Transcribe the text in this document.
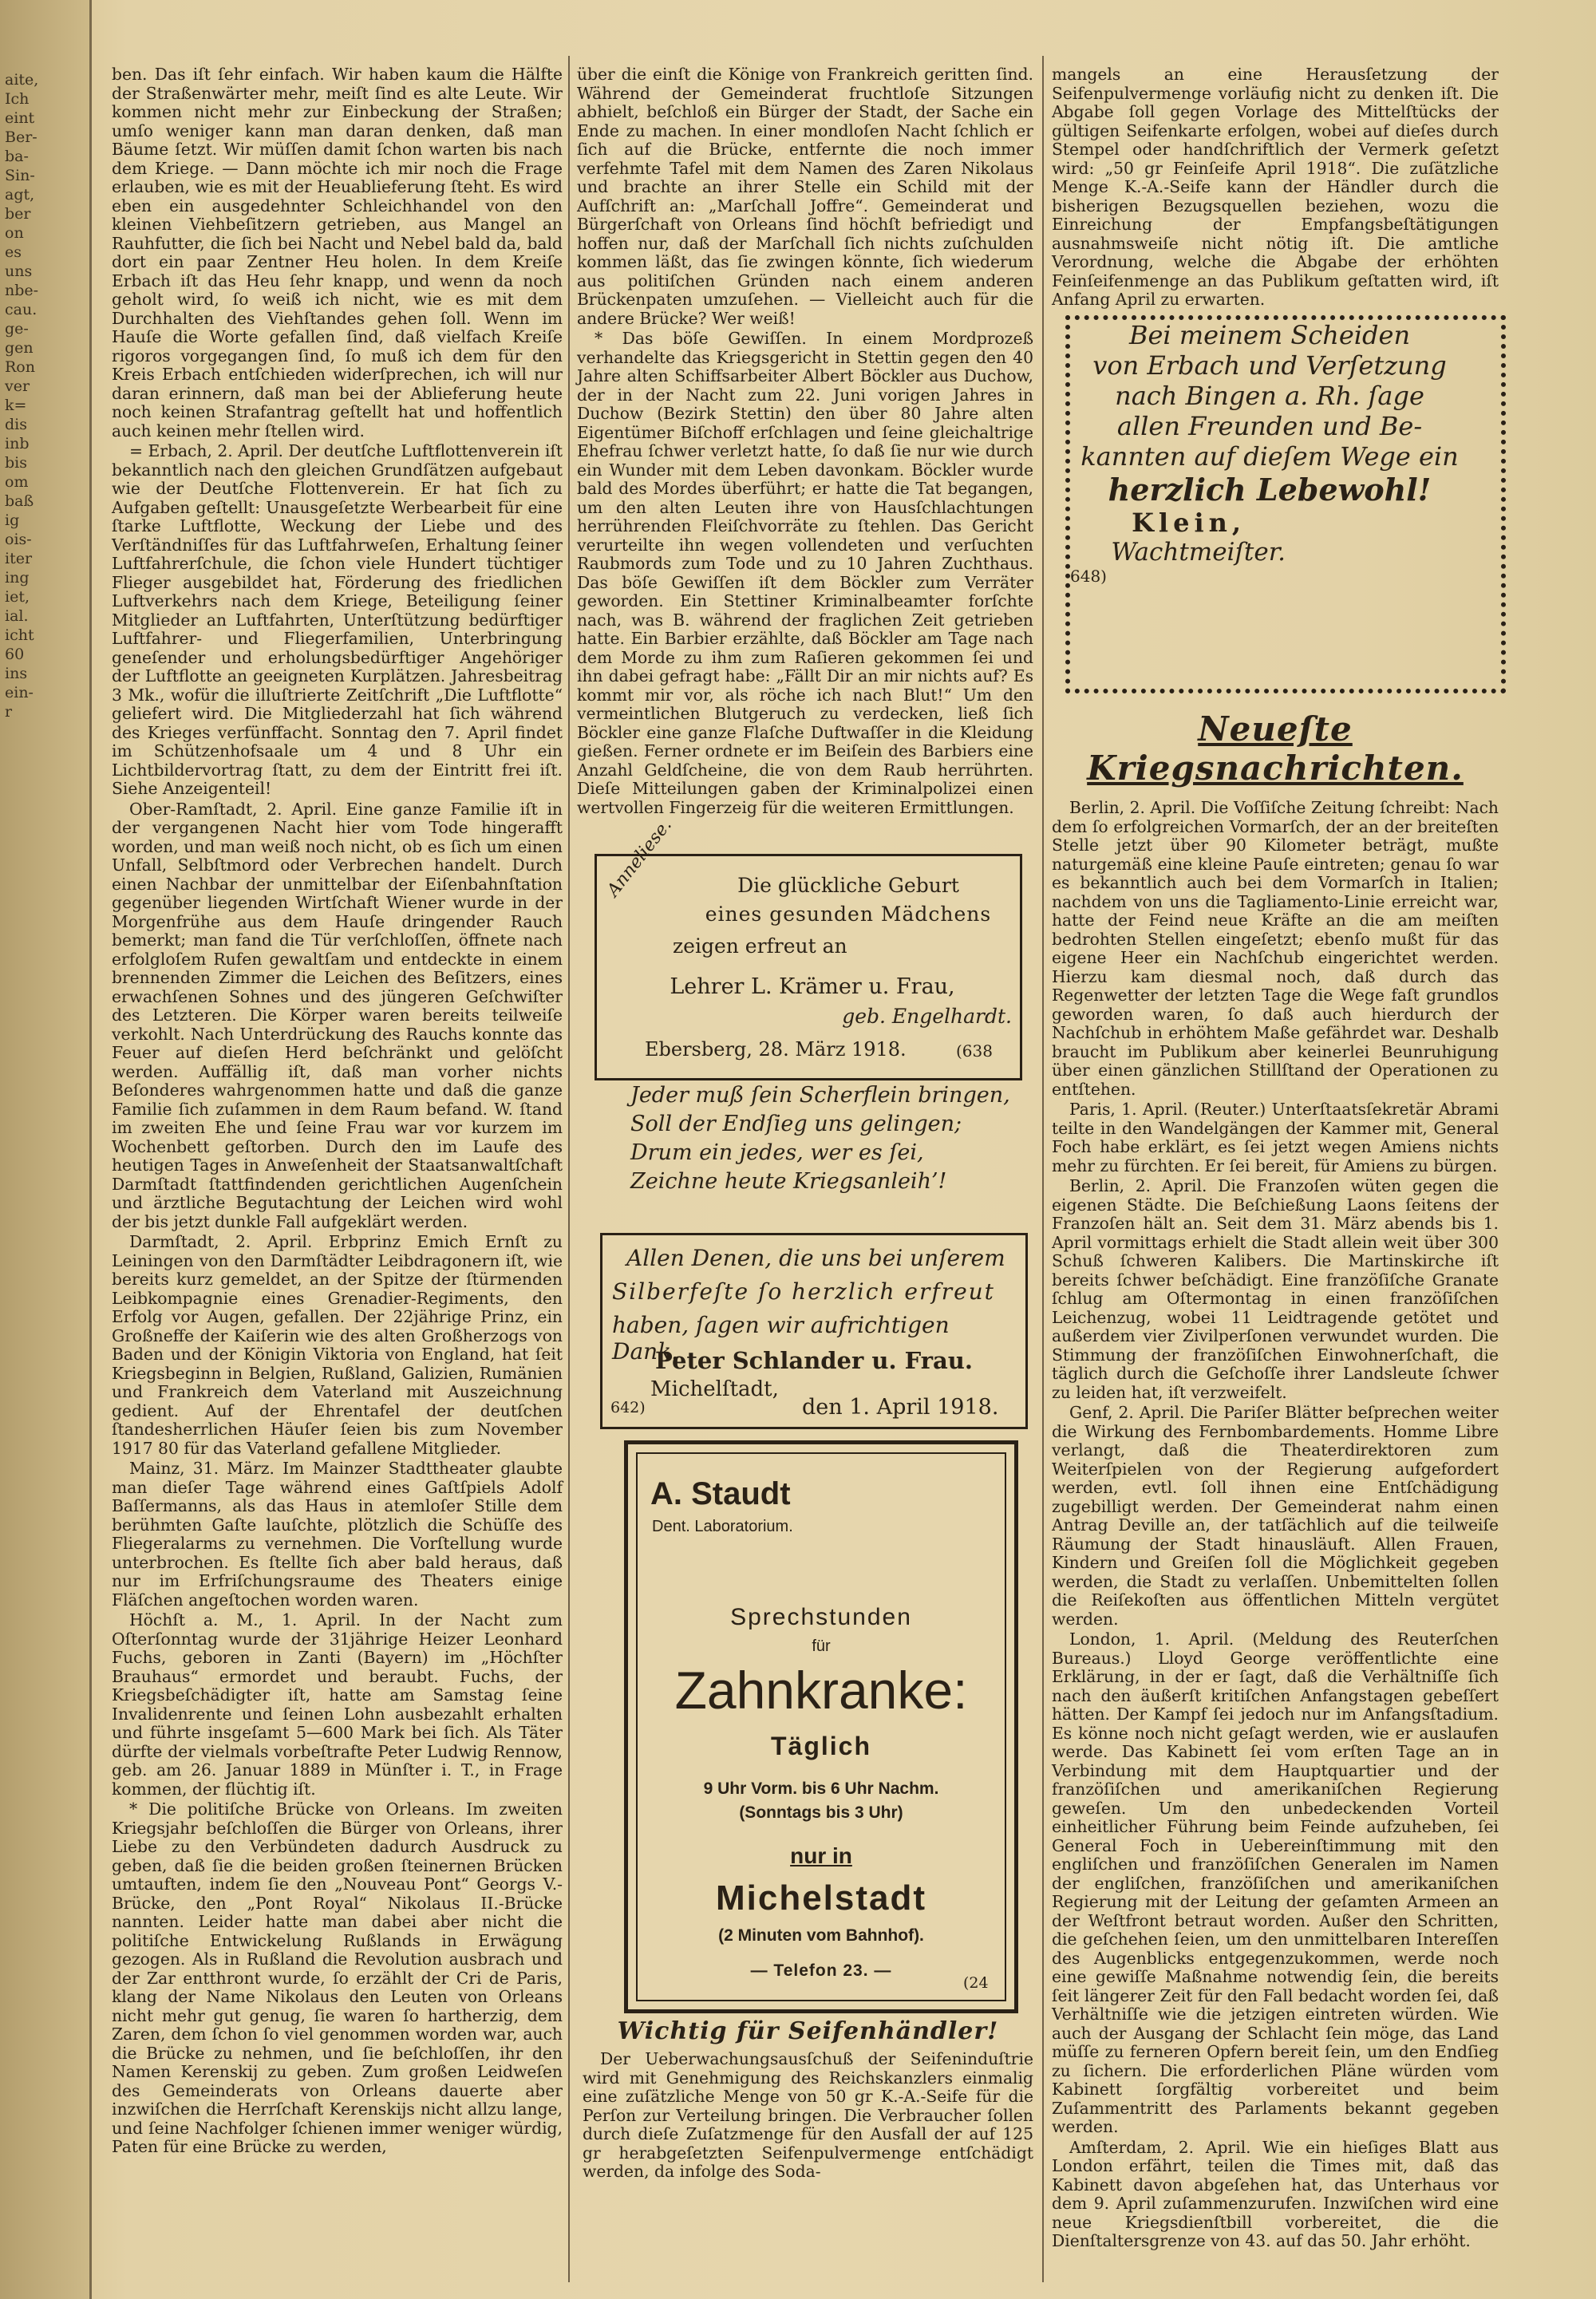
aite,
Ich
eint
Ber-
ba-
Sin-
agt,
ber
on
es
uns
nbe-
cau.
ge-
gen
Ron
ver
k=
dis
inb
bis
om
baß
ig
ois-
iter
ing
iet,
ial.
icht
60
ins
ein-
r

ben. Das iſt ſehr einfach. Wir haben kaum die Hälfte der Straßenwärter mehr, meiſt ſind es alte Leute. Wir kommen nicht mehr zur Einbeckung der Straßen; umſo weniger kann man daran denken, daß man Bäume ſetzt. Wir müſſen damit ſchon warten bis nach dem Kriege. — Dann möchte ich mir noch die Frage erlauben, wie es mit der Heuablieferung ſteht. Es wird eben ein ausgedehnter Schleichhandel von den kleinen Viehbeſitzern getrieben, aus Mangel an Rauhfutter, die ſich bei Nacht und Nebel bald da, bald dort ein paar Zentner Heu holen. In dem Kreiſe Erbach iſt das Heu ſehr knapp, und wenn da noch geholt wird, ſo weiß ich nicht, wie es mit dem Durchhalten des Viehſtandes gehen ſoll. Wenn im Hauſe die Worte gefallen ſind, daß vielfach Kreiſe rigoros vorgegangen ſind, ſo muß ich dem für den Kreis Erbach entſchieden widerſprechen, ich will nur daran erinnern, daß man bei der Ablieferung heute noch keinen Strafantrag geſtellt hat und hoffentlich auch keinen mehr ſtellen wird.

= Erbach, 2. April. Der deutſche Luftflottenverein iſt bekanntlich nach den gleichen Grundſätzen aufgebaut wie der Deutſche Flottenverein. Er hat ſich zu Aufgaben geſtellt: Unausgeſetzte Werbearbeit für eine ſtarke Luftflotte, Weckung der Liebe und des Verſtändniſſes für das Luftfahrweſen, Erhaltung ſeiner Luftfahrerſchule, die ſchon viele Hundert tüchtiger Flieger ausgebildet hat, Förderung des friedlichen Luftverkehrs nach dem Kriege, Beteiligung ſeiner Mitglieder an Luftfahrten, Unterſtützung bedürftiger Luftfahrer- und Fliegerfamilien, Unterbringung geneſender und erholungsbedürftiger Angehöriger der Luftflotte an geeigneten Kurplätzen. Jahresbeitrag 3 Mk., wofür die illuſtrierte Zeitſchrift „Die Luftflotte“ geliefert wird. Die Mitgliederzahl hat ſich während des Krieges verfünffacht. Sonntag den 7. April findet im Schützenhofsaale um 4 und 8 Uhr ein Lichtbildervortrag ſtatt, zu dem der Eintritt frei iſt. Siehe Anzeigenteil!

Ober-Ramſtadt, 2. April. Eine ganze Familie iſt in der vergangenen Nacht hier vom Tode hingerafft worden, und man weiß noch nicht, ob es ſich um einen Unfall, Selbſtmord oder Verbrechen handelt. Durch einen Nachbar der unmittelbar der Eiſenbahnſtation gegenüber liegenden Wirtſchaft Wiener wurde in der Morgenfrühe aus dem Hauſe dringender Rauch bemerkt; man fand die Tür verſchloſſen, öffnete nach erfolgloſem Rufen gewaltſam und entdeckte in einem brennenden Zimmer die Leichen des Beſitzers, eines erwachſenen Sohnes und des jüngeren Geſchwiſter des Letzteren. Die Körper waren bereits teilweiſe verkohlt. Nach Unterdrückung des Rauchs konnte das Feuer auf dieſen Herd beſchränkt und gelöſcht werden. Auffällig iſt, daß man vorher nichts Beſonderes wahrgenommen hatte und daß die ganze Familie ſich zuſammen in dem Raum befand. W. ſtand im zweiten Ehe und ſeine Frau war vor kurzem im Wochenbett geſtorben. Durch den im Laufe des heutigen Tages in Anweſenheit der Staatsanwaltſchaft Darmſtadt ſtattfindenden gerichtlichen Augenſchein und ärztliche Begutachtung der Leichen wird wohl der bis jetzt dunkle Fall aufgeklärt werden.

Darmſtadt, 2. April. Erbprinz Emich Ernſt zu Leiningen von den Darmſtädter Leibdragonern iſt, wie bereits kurz gemeldet, an der Spitze der ſtürmenden Leibkompagnie eines Grenadier-Regiments, den Erfolg vor Augen, gefallen. Der 22jährige Prinz, ein Großneffe der Kaiſerin wie des alten Großherzogs von Baden und der Königin Viktoria von England, hat ſeit Kriegsbeginn in Belgien, Rußland, Galizien, Rumänien und Frankreich dem Vaterland mit Auszeichnung gedient. Auf der Ehrentafel der deutſchen ſtandesherrlichen Häuſer ſeien bis zum November 1917 80 für das Vaterland gefallene Mitglieder.

Mainz, 31. März. Im Mainzer Stadttheater glaubte man dieſer Tage während eines Gaſtſpiels Adolf Baſſermanns, als das Haus in atemloſer Stille dem berühmten Gaſte lauſchte, plötzlich die Schüſſe des Fliegeralarms zu vernehmen. Die Vorſtellung wurde unterbrochen. Es ſtellte ſich aber bald heraus, daß nur im Erfriſchungsraume des Theaters einige Fläſchen angeſtochen worden waren.

Höchſt a. M., 1. April. In der Nacht zum Oſterſonntag wurde der 31jährige Heizer Leonhard Fuchs, geboren in Zanti (Bayern) im „Höchſter Brauhaus“ ermordet und beraubt. Fuchs, der Kriegsbeſchädigter iſt, hatte am Samstag ſeine Invalidenrente und ſeinen Lohn ausbezahlt erhalten und führte insgeſamt 5—600 Mark bei ſich. Als Täter dürfte der vielmals vorbeſtrafte Peter Ludwig Rennow, geb. am 26. Januar 1889 in Münſter i. T., in Frage kommen, der flüchtig iſt.

* Die politiſche Brücke von Orleans. Im zweiten Kriegsjahr beſchloſſen die Bürger von Orleans, ihrer Liebe zu den Verbündeten dadurch Ausdruck zu geben, daß ſie die beiden großen ſteinernen Brücken umtauften, indem ſie den „Nouveau Pont“ Georgs V.-Brücke, den „Pont Royal“ Nikolaus II.-Brücke nannten. Leider hatte man dabei aber nicht die politiſche Entwickelung Rußlands in Erwägung gezogen. Als in Rußland die Revolution ausbrach und der Zar entthront wurde, ſo erzählt der Cri de Paris, klang der Name Nikolaus den Leuten von Orleans nicht mehr gut genug, ſie waren ſo hartherzig, dem Zaren, dem ſchon ſo viel genommen worden war, auch die Brücke zu nehmen, und ſie beſchloſſen, ihr den Namen Kerenskij zu geben. Zum großen Leidweſen des Gemeinderats von Orleans dauerte aber inzwiſchen die Herrſchaft Kerenskijs nicht allzu lange, und ſeine Nachfolger ſchienen immer weniger würdig, Paten für eine Brücke zu werden,

über die einſt die Könige von Frankreich geritten ſind. Während der Gemeinderat fruchtloſe Sitzungen abhielt, beſchloß ein Bürger der Stadt, der Sache ein Ende zu machen. In einer mondloſen Nacht ſchlich er ſich auf die Brücke, entfernte die noch immer verfehmte Tafel mit dem Namen des Zaren Nikolaus und brachte an ihrer Stelle ein Schild mit der Aufſchrift an: „Marſchall Joffre“. Gemeinderat und Bürgerſchaft von Orleans ſind höchſt befriedigt und hoffen nur, daß der Marſchall ſich nichts zuſchulden kommen läßt, das ſie zwingen könnte, ſich wiederum aus politiſchen Gründen nach einem anderen Brückenpaten umzuſehen. — Vielleicht auch für die andere Brücke? Wer weiß!

* Das böſe Gewiſſen. In einem Mordprozeß verhandelte das Kriegsgericht in Stettin gegen den 40 Jahre alten Schiffsarbeiter Albert Böckler aus Duchow, der in der Nacht zum 22. Juni vorigen Jahres in Duchow (Bezirk Stettin) den über 80 Jahre alten Eigentümer Biſchoff erſchlagen und ſeine gleichaltrige Ehefrau ſchwer verletzt hatte, ſo daß ſie nur wie durch ein Wunder mit dem Leben davonkam. Böckler wurde bald des Mordes überführt; er hatte die Tat begangen, um den alten Leuten ihre von Hausſchlachtungen herrührenden Fleiſchvorräte zu ſtehlen. Das Gericht verurteilte ihn wegen vollendeten und verſuchten Raubmords zum Tode und zu 10 Jahren Zuchthaus. Das böſe Gewiſſen iſt dem Böckler zum Verräter geworden. Ein Stettiner Kriminalbeamter forſchte nach, was B. während der fraglichen Zeit getrieben hatte. Ein Barbier erzählte, daß Böckler am Tage nach dem Morde zu ihm zum Raſieren gekommen ſei und ihn dabei gefragt habe: „Fällt Dir an mir nichts auf? Es kommt mir vor, als röche ich nach Blut!“ Um den vermeintlichen Blutgeruch zu verdecken, ließ ſich Böckler eine ganze Flaſche Duftwaſſer in die Kleidung gießen. Ferner ordnete er im Beiſein des Barbiers eine Anzahl Geldſcheine, die von dem Raub herrührten. Dieſe Mitteilungen gaben der Kriminalpolizei einen wertvollen Fingerzeig für die weiteren Ermittlungen.

Anneliese.	Die glückliche Geburt
eines gesunden Mädchens
zeigen erfreut an
Lehrer L. Krämer u. Frau,
geb. Engelhardt.
Ebersberg, 28. März 1918.	(638

Jeder muß ſein Scherflein bringen,

Soll der Endſieg uns gelingen;

Drum ein jedes, wer es ſei,

Zeichne heute Kriegsanleih’!

Allen Denen, die uns bei unſerem
Silberfeſte ſo herzlich erfreut
haben, ſagen wir aufrichtigen Dank.
Peter Schlander u. Frau.
Michelſtadt,
den 1. April 1918.
642)
A. Staudt
Dent. Laboratorium.
Sprechstunden
für
Zahnkranke:
Täglich
9 Uhr Vorm. bis 6 Uhr Nachm.
(Sonntags bis 3 Uhr)
nur in
Michelstadt
(2 Minuten vom Bahnhof).
— Telefon 23. —
(24
Wichtig für Seifenhändler!

Der Ueberwachungsausſchuß der Seifeninduſtrie wird mit Genehmigung des Reichskanzlers einmalig eine zuſätzliche Menge von 50 gr K.-A.-Seife für die Perſon zur Verteilung bringen. Die Verbraucher ſollen durch dieſe Zuſatzmenge für den Ausfall der auf 125 gr herabgeſetzten Seifenpulvermenge entſchädigt werden, da infolge des Soda-

mangels an eine Herausſetzung der Seifenpulvermenge vorläufig nicht zu denken iſt. Die Abgabe ſoll gegen Vorlage des Mittelſtücks der gültigen Seifenkarte erfolgen, wobei auf dieſes durch Stempel oder handſchriftlich der Vermerk geſetzt wird: „50 gr Feinſeife April 1918“. Die zuſätzliche Menge K.-A.-Seife kann der Händler durch die bisherigen Bezugsquellen beziehen, wozu die Einreichung der Empfangsbeſtätigungen ausnahmsweiſe nicht nötig iſt. Die amtliche Verordnung, welche die Abgabe der erhöhten Feinſeifenmenge an das Publikum geſtatten wird, iſt Anfang April zu erwarten.

Bei meinem Scheiden
von Erbach und Verſetzung
nach Bingen a. Rh. ſage
allen Freunden und Be-
kannten auf dieſem Wege ein
herzlich Lebewohl!
Klein,
Wachtmeiſter.
648)
Neueſte Kriegsnachrichten.

Berlin, 2. April. Die Voſſiſche Zeitung ſchreibt: Nach dem ſo erfolgreichen Vormarſch, der an der breiteſten Stelle jetzt über 90 Kilometer beträgt, mußte naturgemäß eine kleine Pauſe eintreten; genau ſo war es bekanntlich auch bei dem Vormarſch in Italien; nachdem von uns die Tagliamento-Linie erreicht war, hatte der Feind neue Kräfte an die am meiſten bedrohten Stellen eingeſetzt; ebenſo mußt für das eigene Heer ein Nachſchub eingerichtet werden. Hierzu kam diesmal noch, daß durch das Regenwetter der letzten Tage die Wege faſt grundlos geworden waren, ſo daß auch hierdurch der Nachſchub in erhöhtem Maße gefährdet war. Deshalb braucht im Publikum aber keinerlei Beunruhigung über einen gänzlichen Stillſtand der Operationen zu entſtehen.

Paris, 1. April. (Reuter.) Unterſtaatsſekretär Abrami teilte in den Wandelgängen der Kammer mit, General Foch habe erklärt, es ſei jetzt wegen Amiens nichts mehr zu fürchten. Er ſei bereit, für Amiens zu bürgen.

Berlin, 2. April. Die Franzoſen wüten gegen die eigenen Städte. Die Beſchießung Laons ſeitens der Franzoſen hält an. Seit dem 31. März abends bis 1. April vormittags erhielt die Stadt allein weit über 300 Schuß ſchweren Kalibers. Die Martinskirche iſt bereits ſchwer beſchädigt. Eine franzöſiſche Granate ſchlug am Oſtermontag in einen franzöſiſchen Leichenzug, wobei 11 Leidtragende getötet und außerdem vier Zivilperſonen verwundet wurden. Die Stimmung der franzöſiſchen Einwohnerſchaft, die täglich durch die Geſchoſſe ihrer Landsleute ſchwer zu leiden hat, iſt verzweifelt.

Genf, 2. April. Die Pariſer Blätter beſprechen weiter die Wirkung des Fernbombardements. Homme Libre verlangt, daß die Theaterdirektoren zum Weiterſpielen von der Regierung aufgefordert werden, evtl. ſoll ihnen eine Entſchädigung zugebilligt werden. Der Gemeinderat nahm einen Antrag Deville an, der tatſächlich auf die teilweiſe Räumung der Stadt hinausläuft. Allen Frauen, Kindern und Greiſen ſoll die Möglichkeit gegeben werden, die Stadt zu verlaſſen. Unbemittelten ſollen die Reiſekoſten aus öffentlichen Mitteln vergütet werden.

London, 1. April. (Meldung des Reuterſchen Bureaus.) Lloyd George veröffentlichte eine Erklärung, in der er ſagt, daß die Verhältniſſe ſich nach den äußerſt kritiſchen Anfangstagen gebeſſert hätten. Der Kampf ſei jedoch nur im Anfangsſtadium. Es könne noch nicht geſagt werden, wie er auslaufen werde. Das Kabinett ſei vom erſten Tage an in Verbindung mit dem Hauptquartier und der franzöſiſchen und amerikaniſchen Regierung geweſen. Um den unbedeckenden Vorteil einheitlicher Führung beim Feinde aufzuheben, ſei General Foch in Uebereinſtimmung mit den engliſchen und franzöſiſchen Generalen im Namen der engliſchen, franzöſiſchen und amerikaniſchen Regierung mit der Leitung der geſamten Armeen an der Weſtfront betraut worden. Außer den Schritten, die geſchehen ſeien, um den unmittelbaren Intereſſen des Augenblicks entgegenzukommen, werde noch eine gewiſſe Maßnahme notwendig ſein, die bereits ſeit längerer Zeit für den Fall bedacht worden ſei, daß Verhältniſſe wie die jetzigen eintreten würden. Wie auch der Ausgang der Schlacht ſein möge, das Land müſſe zu ferneren Opfern bereit ſein, um den Endſieg zu ſichern. Die erforderlichen Pläne würden vom Kabinett ſorgfältig vorbereitet und beim Zuſammentritt des Parlaments bekannt gegeben werden.

Amſterdam, 2. April. Wie ein hieſiges Blatt aus London erfährt, teilen die Times mit, daß das Kabinett davon abgeſehen hat, das Unterhaus vor dem 9. April zuſammenzurufen. Inzwiſchen wird eine neue Kriegsdienſtbill vorbereitet, die die Dienſtaltersgrenze von 43. auf das 50. Jahr erhöht.
